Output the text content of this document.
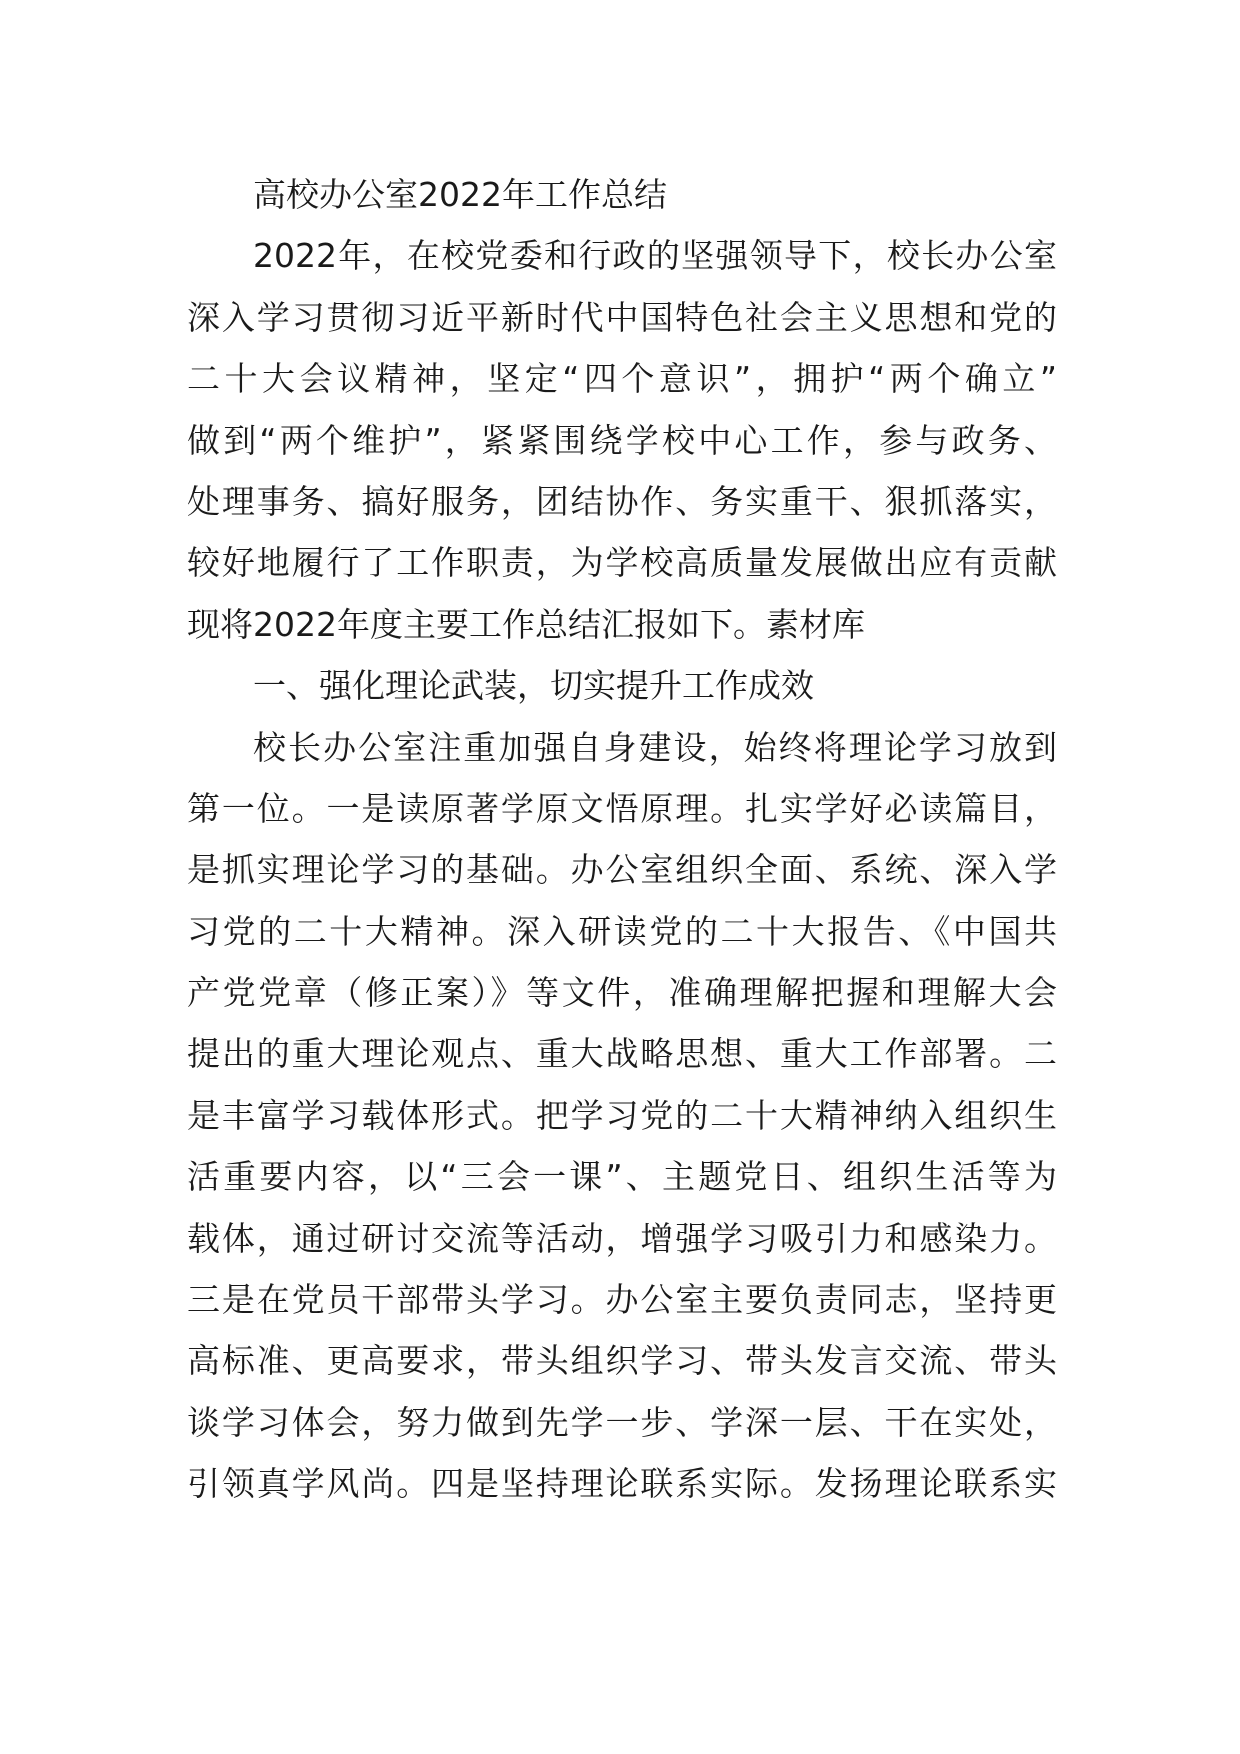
高校办公室2022年工作总结
2022年，在校党委和行政的坚强领导下，校长办公室
深入学习贯彻习近平新时代中国特色社会主义思想和党的
二十大会议精神，坚定“四个意识”，拥护“两个确立”
做到“两个维护”，紧紧围绕学校中心工作，参与政务、
处理事务、搞好服务，团结协作、务实重干、狠抓落实，
较好地履行了工作职责，为学校高质量发展做出应有贡献
现将2022年度主要工作总结汇报如下。素材库
一、强化理论武装，切实提升工作成效
校长办公室注重加强自身建设，始终将理论学习放到
第一位。一是读原著学原文悟原理。扎实学好必读篇目，
是抓实理论学习的基础。办公室组织全面、系统、深入学
习党的二十大精神。深入研读党的二十大报告、《中国共
产党党章（修正案）》等文件，准确理解把握和理解大会
提出的重大理论观点、重大战略思想、重大工作部署。二
是丰富学习载体形式。把学习党的二十大精神纳入组织生
活重要内容，以“三会一课”、主题党日、组织生活等为
载体，通过研讨交流等活动，增强学习吸引力和感染力。
三是在党员干部带头学习。办公室主要负责同志，坚持更
高标准、更高要求，带头组织学习、带头发言交流、带头
谈学习体会，努力做到先学一步、学深一层、干在实处，
引领真学风尚。四是坚持理论联系实际。发扬理论联系实
